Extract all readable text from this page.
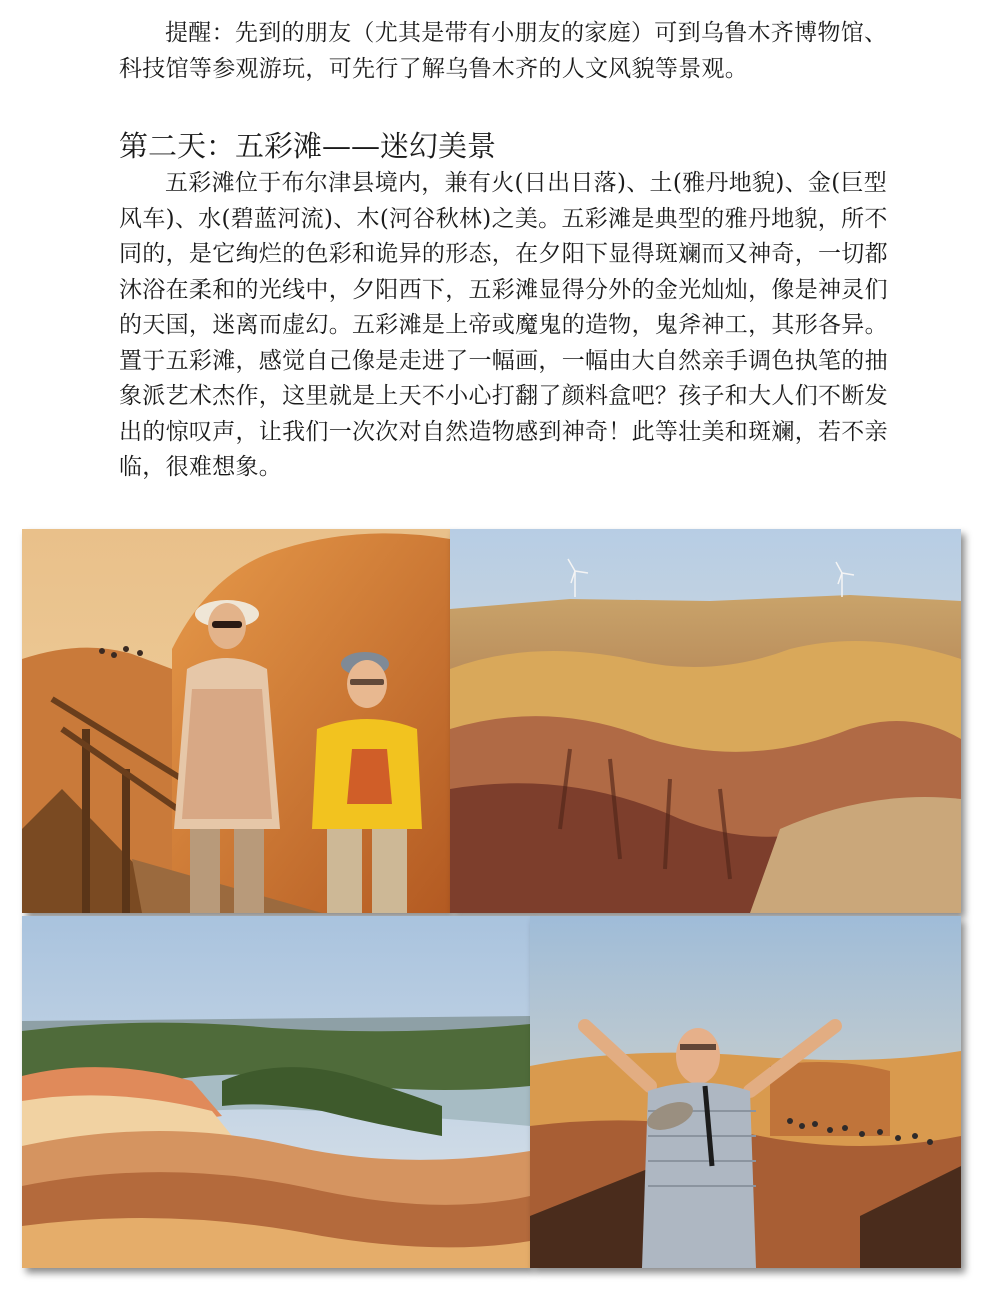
提醒：先到的朋友（尤其是带有小朋友的家庭）可到乌鲁木齐博物馆、科技馆等参观游玩，可先行了解乌鲁木齐的人文风貌等景观。

第二天：五彩滩——迷幻美景

五彩滩位于布尔津县境内，兼有火(日出日落)、土(雅丹地貌)、金(巨型风车)、水(碧蓝河流)、木(河谷秋林)之美。五彩滩是典型的雅丹地貌，所不同的，是它绚烂的色彩和诡异的形态，在夕阳下显得斑斓而又神奇，一切都沐浴在柔和的光线中，夕阳西下，五彩滩显得分外的金光灿灿，像是神灵们的天国，迷离而虚幻。五彩滩是上帝或魔鬼的造物，鬼斧神工，其形各异。置于五彩滩，感觉自己像是走进了一幅画，一幅由大自然亲手调色执笔的抽象派艺术杰作，这里就是上天不小心打翻了颜料盒吧？孩子和大人们不断发出的惊叹声，让我们一次次对自然造物感到神奇！此等壮美和斑斓，若不亲临，很难想象。
